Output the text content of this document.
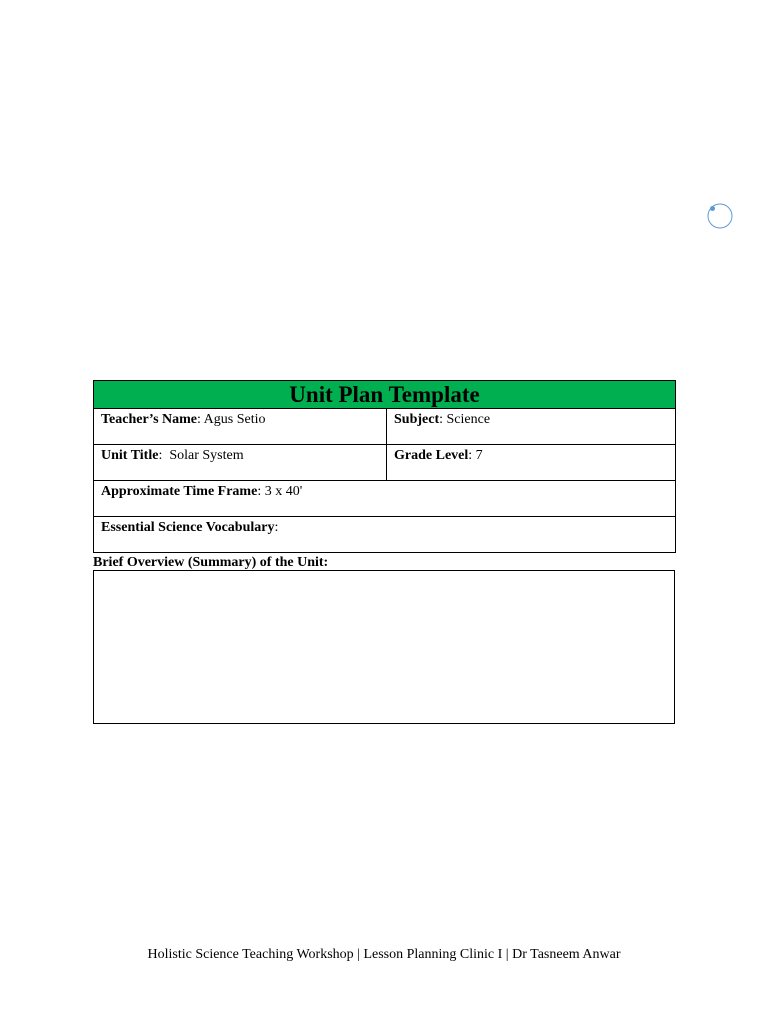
Unit Plan Template	
Teacher’s Name: Agus Setio	Subject: Science
Unit Title:  Solar System	Grade Level: 7
Approximate Time Frame: 3 x 40'	
Essential Science Vocabulary:	
Brief Overview (Summary) of the Unit:
Holistic Science Teaching Workshop | Lesson Planning Clinic I | Dr Tasneem Anwar
